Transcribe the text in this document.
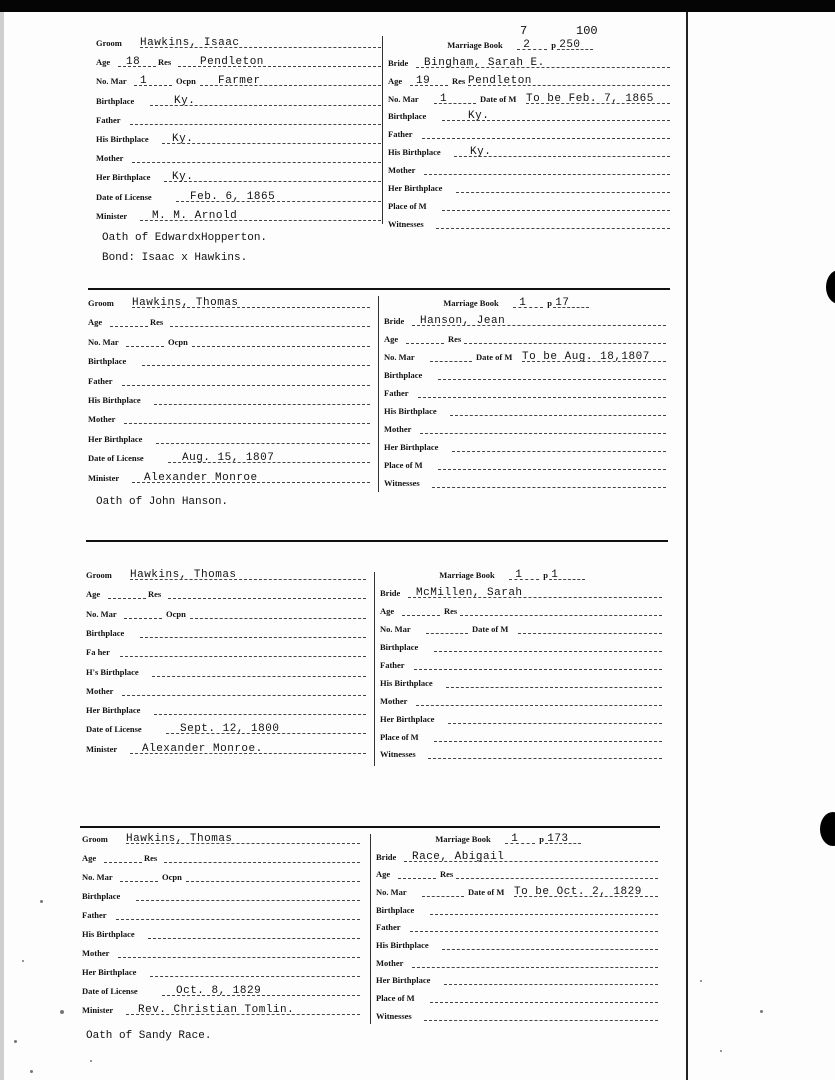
7	100
Groom Hawkins, Isaac
Age 18 Res	Pendleton
No. Mar 1	Ocpn Farmer
Birthplace	Ky.
Father
His Birthplace Ky.
Mother
Her Birthplace Ky.
Date of License	Feb. 6, 1865
Minister M. M. Arnold
Marriage Book 2 p 250
Bride Bingham, Sarah E.
Age 19	Res Pendleton
No. Mar 1	Date of M To be Feb. 7, 1865
Birthplace	Ky.
Father
His Birthplace	Ky.
Mother
Her Birthplace
Place of M
Witnesses
Oath of EdwardxHopperton.
Bond: Isaac x Hawkins.
Groom Hawkins, Thomas
Age	Res
No. Mar	Ocpn
Birthplace
Father
His Birthplace
Mother
Her Birthplace
Date of License	Aug. 15, 1807
Minister Alexander Monroe
Marriage Book 1 p 17
Bride Hanson, Jean
Age	Res
No. Mar	Date of M To be Aug. 18,1807
Birthplace
Father
His Birthplace
Mother
Her Birthplace
Place of M
Witnesses
Oath of John Hanson.
Groom Hawkins, Thomas
Age	Res
No. Mar	Ocpn
Birthplace
Fa her
H's Birthplace
Mother
Her Birthplace
Date of License	Sept. 12, 1800
Minister Alexander Monroe.
Marriage Book 1 p 1
Bride McMillen, Sarah
Age	Res
No. Mar	Date of M
Birthplace
Father
His Birthplace
Mother
Her Birthplace
Place of M
Witnesses
Groom Hawkins, Thomas
Age	Res
No. Mar	Ocpn
Birthplace
Father
His Birthplace
Mother
Her Birthplace
Date of License	Oct. 8, 1829
Minister Rev. Christian Tomlin.
Marriage Book 1 p 173
Bride Race, Abigail
Age	Res
No. Mar	Date of M To be Oct. 2, 1829
Birthplace
Father
His Birthplace
Mother
Her Birthplace
Place of M
Witnesses
Oath of Sandy Race.
